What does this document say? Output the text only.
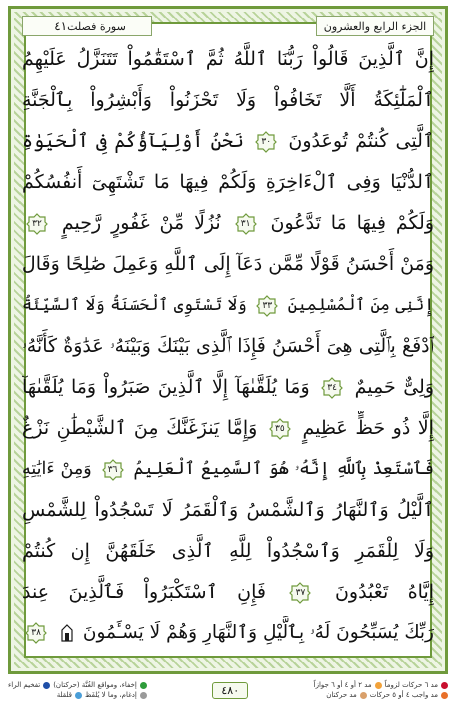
سورة فصلت
٤١	الجزء الرابع والعشرون
إِنَّ ٱلَّذِينَ قَالُواْ رَبُّنَا ٱللَّهُ ثُمَّ ٱسْتَقَٰمُواْ تَتَنَزَّلُ عَلَيْهِمُ
ٱلْمَلَٰٓئِكَةُ أَلَّا تَخَافُواْ وَلَا تَحْزَنُواْ وَأَبْشِرُواْ بِٱلْجَنَّةِ
ٱلَّتِى كُنتُمْ تُوعَدُونَ
٣٠
نَحْنُ أَوْلِيَآؤُكُمْ فِى ٱلْحَيَوٰةِ
ٱلدُّنْيَا وَفِى ٱلْءَاخِرَةِ وَلَكُمْ فِيهَا مَا تَشْتَهِىٓ أَنفُسُكُمْ
وَلَكُمْ فِيهَا مَا تَدَّعُونَ
٣١
نُزُلًا مِّنْ غَفُورٍ رَّحِيمٍ
٣٢
وَمَنْ أَحْسَنُ قَوْلًا مِّمَّن دَعَآ إِلَى ٱللَّهِ وَعَمِلَ صَٰلِحًا وَقَالَ
إِنَّنِى مِنَ ٱلْمُسْلِمِينَ
٣٣
وَلَا تَسْتَوِى ٱلْحَسَنَةُ وَلَا ٱلسَّيِّئَةُ
ٱدْفَعْ بِٱلَّتِى هِىَ أَحْسَنُ فَإِذَا ٱلَّذِى بَيْنَكَ وَبَيْنَهُۥ عَدَٰوَةٌ كَأَنَّهُۥ
وَلِىٌّ حَمِيمٌ
٣٤
وَمَا يُلَقَّىٰهَآ إِلَّا ٱلَّذِينَ صَبَرُواْ وَمَا يُلَقَّىٰهَآ
إِلَّا ذُو حَظٍّ عَظِيمٍ
٣٥
وَإِمَّا يَنزَغَنَّكَ مِنَ ٱلشَّيْطَٰنِ نَزْغٌ
فَٱسْتَعِذْ بِٱللَّهِ إِنَّهُۥ هُوَ ٱلسَّمِيعُ ٱلْعَلِيمُ
٣٦
وَمِنْ ءَايَٰتِهِ
ٱلَّيْلُ وَٱلنَّهَارُ وَٱلشَّمْسُ وَٱلْقَمَرُ لَا تَسْجُدُواْ لِلشَّمْسِ
وَلَا لِلْقَمَرِ وَٱسْجُدُواْ لِلَّهِ ٱلَّذِى خَلَقَهُنَّ إِن كُنتُمْ
إِيَّاهُ تَعْبُدُونَ
٣٧
فَإِنِ ٱسْتَكْبَرُواْ فَٱلَّذِينَ عِندَ
رَبِّكَ يُسَبِّحُونَ لَهُۥ بِٱلَّيْلِ وَٱلنَّهَارِ وَهُمْ لَا يَسْـَٔمُونَ
٣٨
مد ٦ حركات لزوماً
مد ٢ أو ٤ أو ٦ جوازاً
مد واجب ٤ أو ٥ حركات
مد حركتان
٤٨٠
إخفاء، ومواقع الغُنَّة (حركتان)
تفخيم الراء
إدغام، وما لا يُلفَظ
قلقلة
